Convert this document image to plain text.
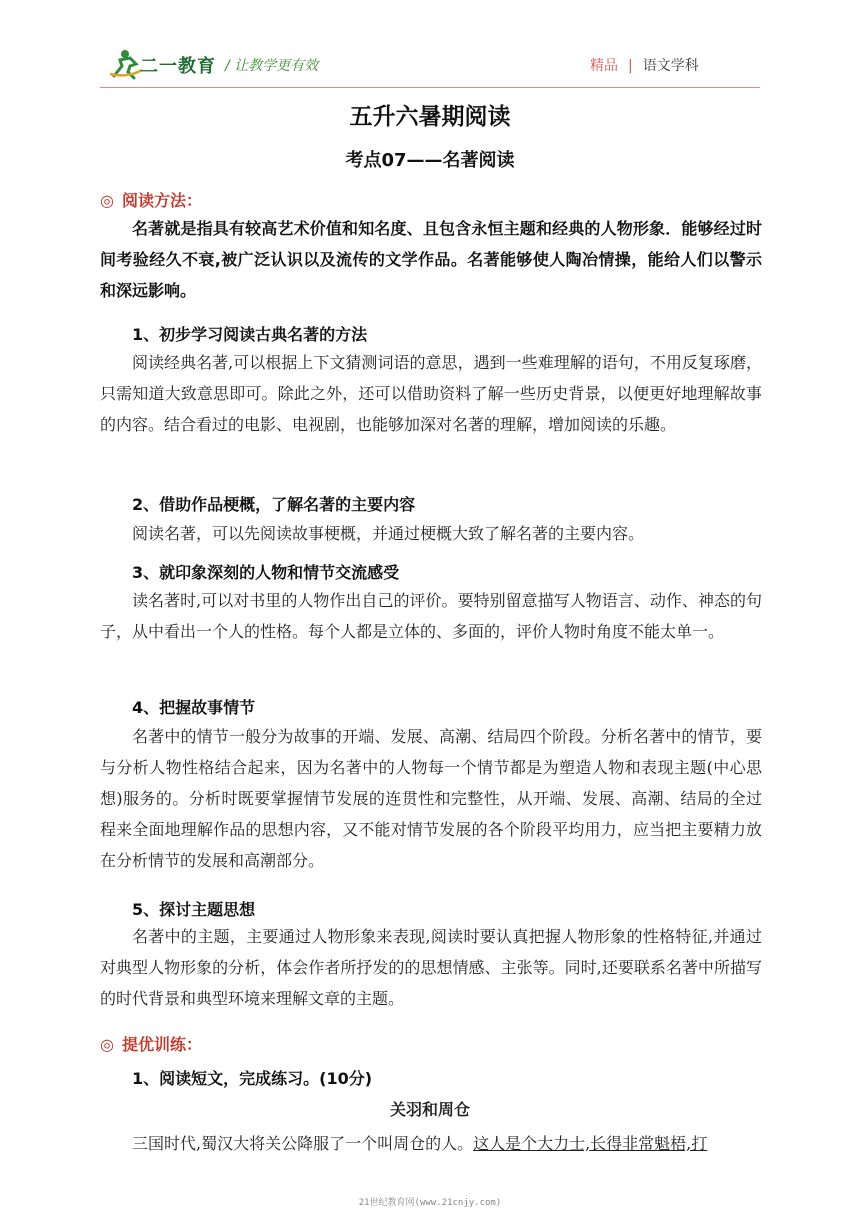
二一教育 / 让教学更有效	精品 | 语文学科
五升六暑期阅读
考点07——名著阅读
◎ 阅读方法：

名著就是指具有较高艺术价值和知名度、且包含永恒主题和经典的人物形象．能够经过时间考验经久不衰,被广泛认识以及流传的文学作品。名著能够使人陶冶情操，能给人们以警示和深远影响。

1、初步学习阅读古典名著的方法

阅读经典名著,可以根据上下文猜测词语的意思，遇到一些难理解的语句，不用反复琢磨，只需知道大致意思即可。除此之外，还可以借助资料了解一些历史背景，以便更好地理解故事的内容。结合看过的电影、电视剧，也能够加深对名著的理解，增加阅读的乐趣。

2、借助作品梗概，了解名著的主要内容

阅读名著，可以先阅读故事梗概，并通过梗概大致了解名著的主要内容。

3、就印象深刻的人物和情节交流感受

读名著时,可以对书里的人物作出自己的评价。要特别留意描写人物语言、动作、神态的句子，从中看出一个人的性格。每个人都是立体的、多面的，评价人物时角度不能太单一。

4、把握故事情节

名著中的情节一般分为故事的开端、发展、高潮、结局四个阶段。分析名著中的情节，要与分析人物性格结合起来，因为名著中的人物每一个情节都是为塑造人物和表现主题(中心思想)服务的。分析时既要掌握情节发展的连贯性和完整性，从开端、发展、高潮、结局的全过程来全面地理解作品的思想内容，又不能对情节发展的各个阶段平均用力，应当把主要精力放在分析情节的发展和高潮部分。

5、探讨主题思想

名著中的主题，主要通过人物形象来表现,阅读时要认真把握人物形象的性格特征,并通过对典型人物形象的分析，体会作者所抒发的的思想情感、主张等。同时,还要联系名著中所描写的时代背景和典型环境来理解文章的主题。

◎ 提优训练：
1、阅读短文，完成练习。(10分)
关羽和周仓

三国时代,蜀汉大将关公降服了一个叫周仓的人。这人是个大力士,长得非常魁梧,打

21世纪教育网(www.21cnjy.com)
